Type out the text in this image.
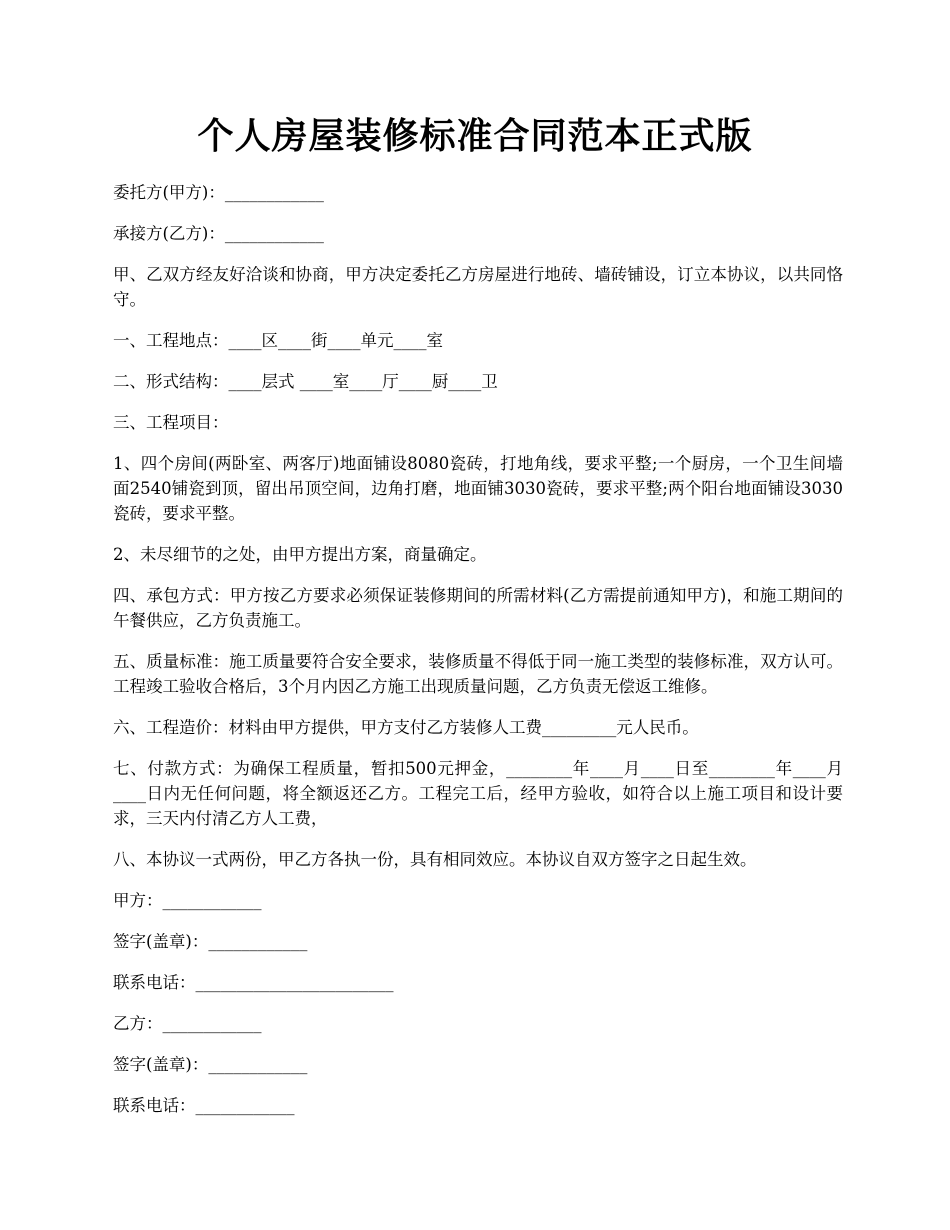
个人房屋装修标准合同范本正式版

委托方(甲方)：____________

承接方(乙方)：____________

甲、乙双方经友好洽谈和协商，甲方决定委托乙方房屋进行地砖、墙砖铺设，订立本协议，以共同恪守。

一、工程地点：____区____街____单元____室

二、形式结构：____层式 ____室____厅____厨____卫

三、工程项目：

1、四个房间(两卧室、两客厅)地面铺设8080瓷砖，打地角线，要求平整;一个厨房，一个卫生间墙面2540铺瓷到顶，留出吊顶空间，边角打磨，地面铺3030瓷砖，要求平整;两个阳台地面铺设3030瓷砖，要求平整。

2、未尽细节的之处，由甲方提出方案，商量确定。

四、承包方式：甲方按乙方要求必须保证装修期间的所需材料(乙方需提前通知甲方)，和施工期间的午餐供应，乙方负责施工。

五、质量标准：施工质量要符合安全要求，装修质量不得低于同一施工类型的装修标准，双方认可。工程竣工验收合格后，3个月内因乙方施工出现质量问题，乙方负责无偿返工维修。

六、工程造价：材料由甲方提供，甲方支付乙方装修人工费_________元人民币。

七、付款方式：为确保工程质量，暂扣500元押金，________年____月____日至________年____月____日内无任何问题，将全额返还乙方。工程完工后，经甲方验收，如符合以上施工项目和设计要求，三天内付清乙方人工费，

八、本协议一式两份，甲乙方各执一份，具有相同效应。本协议自双方签字之日起生效。

甲方：____________

签字(盖章)：____________

联系电话：________________________

乙方：____________

签字(盖章)：____________

联系电话：____________
